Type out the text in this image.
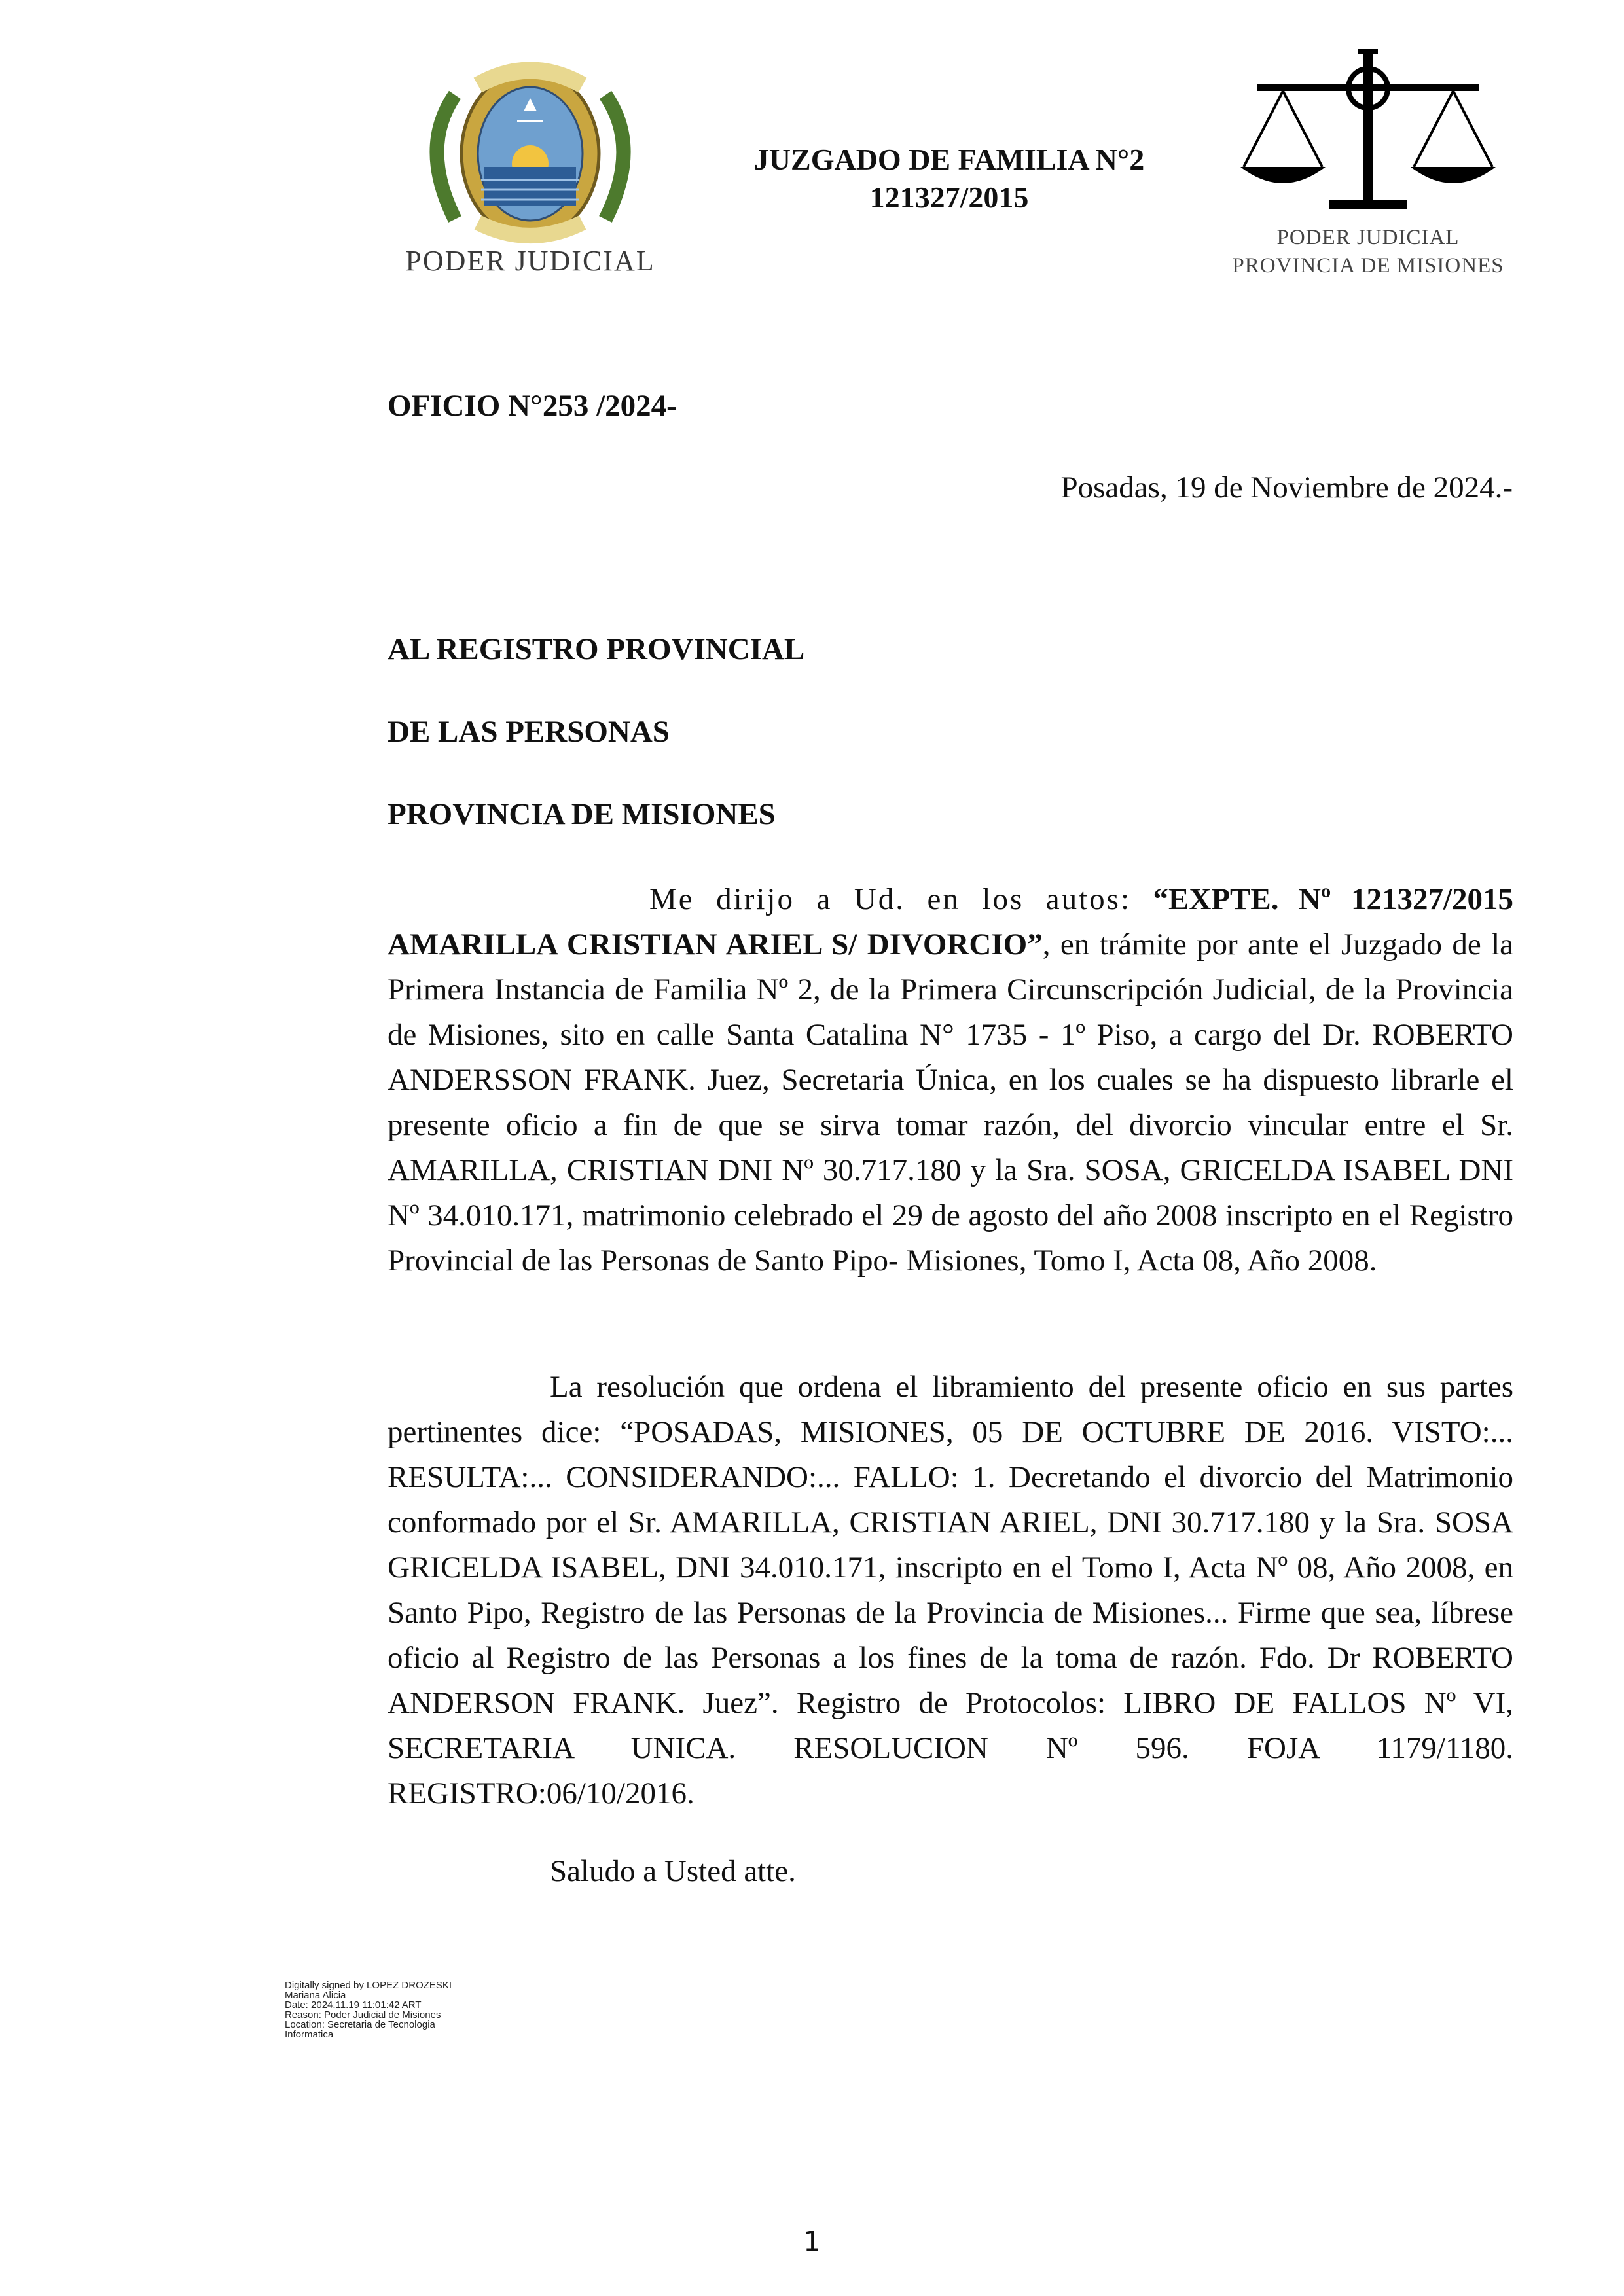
PODER JUDICIAL
JUZGADO DE FAMILIA N°2
121327/2015
PODER JUDICIAL
PROVINCIA DE MISIONES
OFICIO N°253 /2024-
Posadas, 19 de Noviembre de 2024.-
AL REGISTRO PROVINCIAL
DE LAS PERSONAS
PROVINCIA DE MISIONES
Me dirijo a Ud. en los autos: “EXPTE. Nº 121327/2015 AMARILLA CRISTIAN ARIEL S/ DIVORCIO”, en trámite por ante el Juzgado de la Primera Instancia de Familia Nº 2, de la Primera Circunscripción Judicial, de la Provincia de Misiones, sito en calle Santa Catalina N° 1735 - 1º Piso, a cargo del Dr. ROBERTO ANDERSSON FRANK. Juez, Secretaria Única, en los cuales se ha dispuesto librarle el presente oficio a fin de que se sirva tomar razón, del divorcio vincular entre el Sr. AMARILLA, CRISTIAN DNI Nº 30.717.180 y la Sra. SOSA, GRICELDA ISABEL DNI Nº 34.010.171, matrimonio celebrado el 29 de agosto del año 2008 inscripto en el Registro Provincial de las Personas de Santo Pipo- Misiones, Tomo I, Acta 08, Año 2008.
La resolución que ordena el libramiento del presente oficio en sus partes pertinentes dice: “POSADAS, MISIONES, 05 DE OCTUBRE DE 2016. VISTO:... RESULTA:... CONSIDERANDO:... FALLO: 1. Decretando el divorcio del Matrimonio conformado por el Sr. AMARILLA, CRISTIAN ARIEL, DNI 30.717.180 y la Sra. SOSA GRICELDA ISABEL, DNI 34.010.171, inscripto en el Tomo I, Acta Nº 08, Año 2008, en Santo Pipo, Registro de las Personas de la Provincia de Misiones... Firme que sea, líbrese oficio al Registro de las Personas a los fines de la toma de razón. Fdo. Dr ROBERTO ANDERSON FRANK. Juez”. Registro de Protocolos: LIBRO DE FALLOS Nº VI, SECRETARIA UNICA. RESOLUCION Nº 596. FOJA 1179/1180. REGISTRO:06/10/2016.
Saludo a Usted atte.
Digitally signed by LOPEZ DROZESKI
Mariana Alicia
Date: 2024.11.19 11:01:42 ART
Reason: Poder Judicial de Misiones
Location: Secretaria de Tecnologia
Informatica
1
